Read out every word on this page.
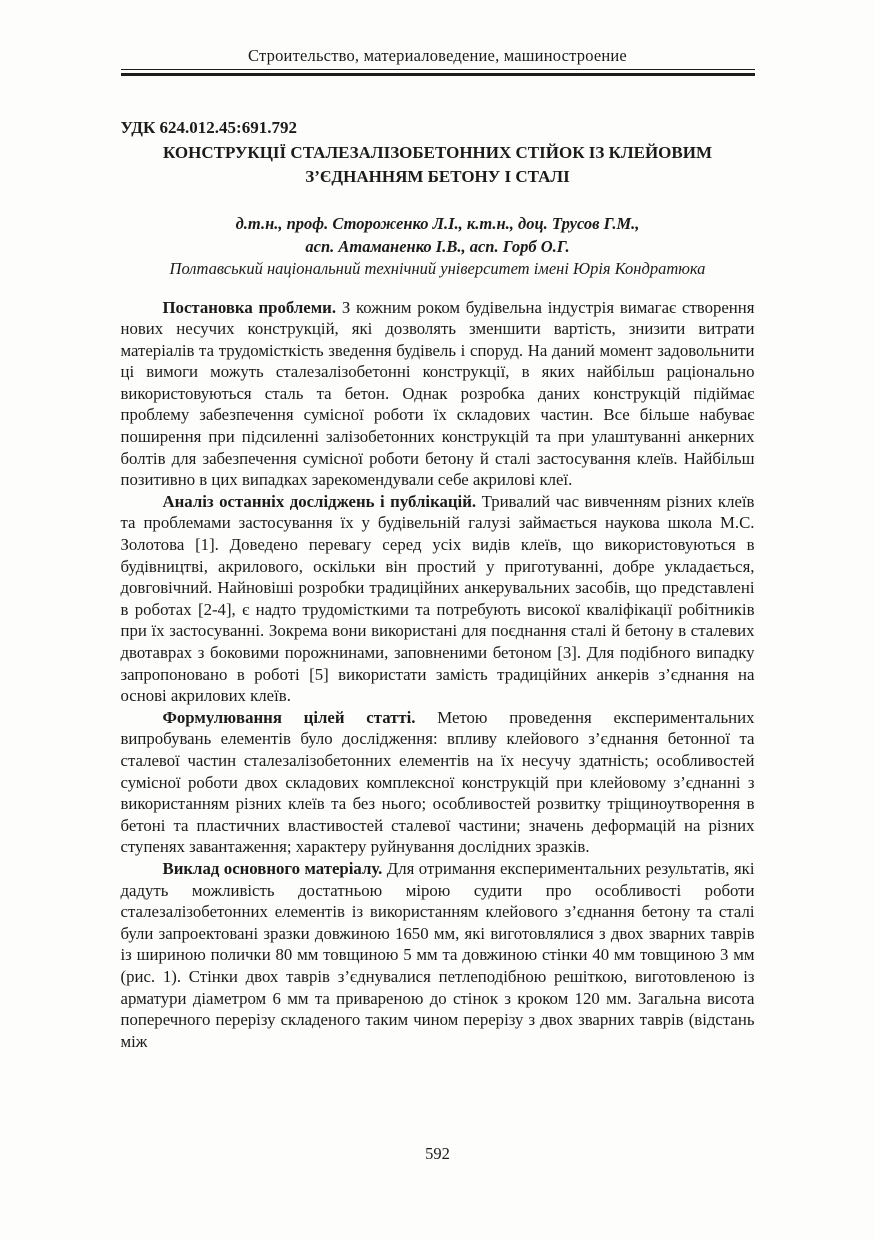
Строительство, материаловедение, машиностроение
УДК 624.012.45:691.792
КОНСТРУКЦІЇ СТАЛЕЗАЛІЗОБЕТОННИХ СТІЙОК ІЗ КЛЕЙОВИМ
З’ЄДНАННЯМ БЕТОНУ І СТАЛІ
д.т.н., проф. Стороженко Л.І., к.т.н., доц. Трусов Г.М.,
асп. Атаманенко І.В., асп. Горб О.Г.
Полтавський національний технічний університет імені Юрія Кондратюка

Постановка проблеми. З кожним роком будівельна індустрія вимагає створення нових несучих конструкцій, які дозволять зменшити вартість, знизити витрати матеріалів та трудомісткість зведення будівель і споруд. На даний момент задовольнити ці вимоги можуть сталезалізобетонні конструкції, в яких найбільш раціонально використовуються сталь та бетон. Однак розробка даних конструкцій підіймає проблему забезпечення сумісної роботи їх складових частин. Все більше набуває поширення при підсиленні залізобетонних конструкцій та при улаштуванні анкерних болтів для забезпечення сумісної роботи бетону й сталі застосування клеїв. Найбільш позитивно в цих випадках зарекомендували себе акрилові клеї.

Аналіз останніх досліджень і публікацій. Тривалий час вивченням різних клеїв та проблемами застосування їх у будівельній галузі займається наукова школа М.С. Золотова [1]. Доведено перевагу серед усіх видів клеїв, що використовуються в будівництві, акрилового, оскільки він простий у приготуванні, добре укладається, довговічний. Найновіші розробки традиційних анкерувальних засобів, що представлені в роботах [2-4], є надто трудомісткими та потребують високої кваліфікації робітників при їх застосуванні. Зокрема вони використані для поєднання сталі й бетону в сталевих двотаврах з боковими порожнинами, заповненими бетоном [3]. Для подібного випадку запропоновано в роботі [5] використати замість традиційних анкерів з’єднання на основі акрилових клеїв.

Формулювання цілей статті. Метою проведення експериментальних випробувань елементів було дослідження: впливу клейового з’єднання бетонної та сталевої частин сталезалізобетонних елементів на їх несучу здатність; особливостей сумісної роботи двох складових комплексної конструкцій при клейовому з’єднанні з використанням різних клеїв та без нього; особливостей розвитку тріщиноутворення в бетоні та пластичних властивостей сталевої частини; значень деформацій на різних ступенях завантаження; характеру руйнування дослідних зразків.

Виклад основного матеріалу. Для отримання експериментальних результатів, які дадуть можливість достатньою мірою судити про особливості роботи сталезалізобетонних елементів із використанням клейового з’єднання бетону та сталі були запроектовані зразки довжиною 1650 мм, які виготовлялися з двох зварних таврів із шириною полички 80 мм товщиною 5 мм та довжиною стінки 40 мм товщиною 3 мм (рис. 1). Стінки двох таврів з’єднувалися петлеподібною решіткою, виготовленою із арматури діаметром 6 мм та привареною до стінок з кроком 120 мм. Загальна висота поперечного перерізу складеного таким чином перерізу з двох зварних таврів (відстань між

592
